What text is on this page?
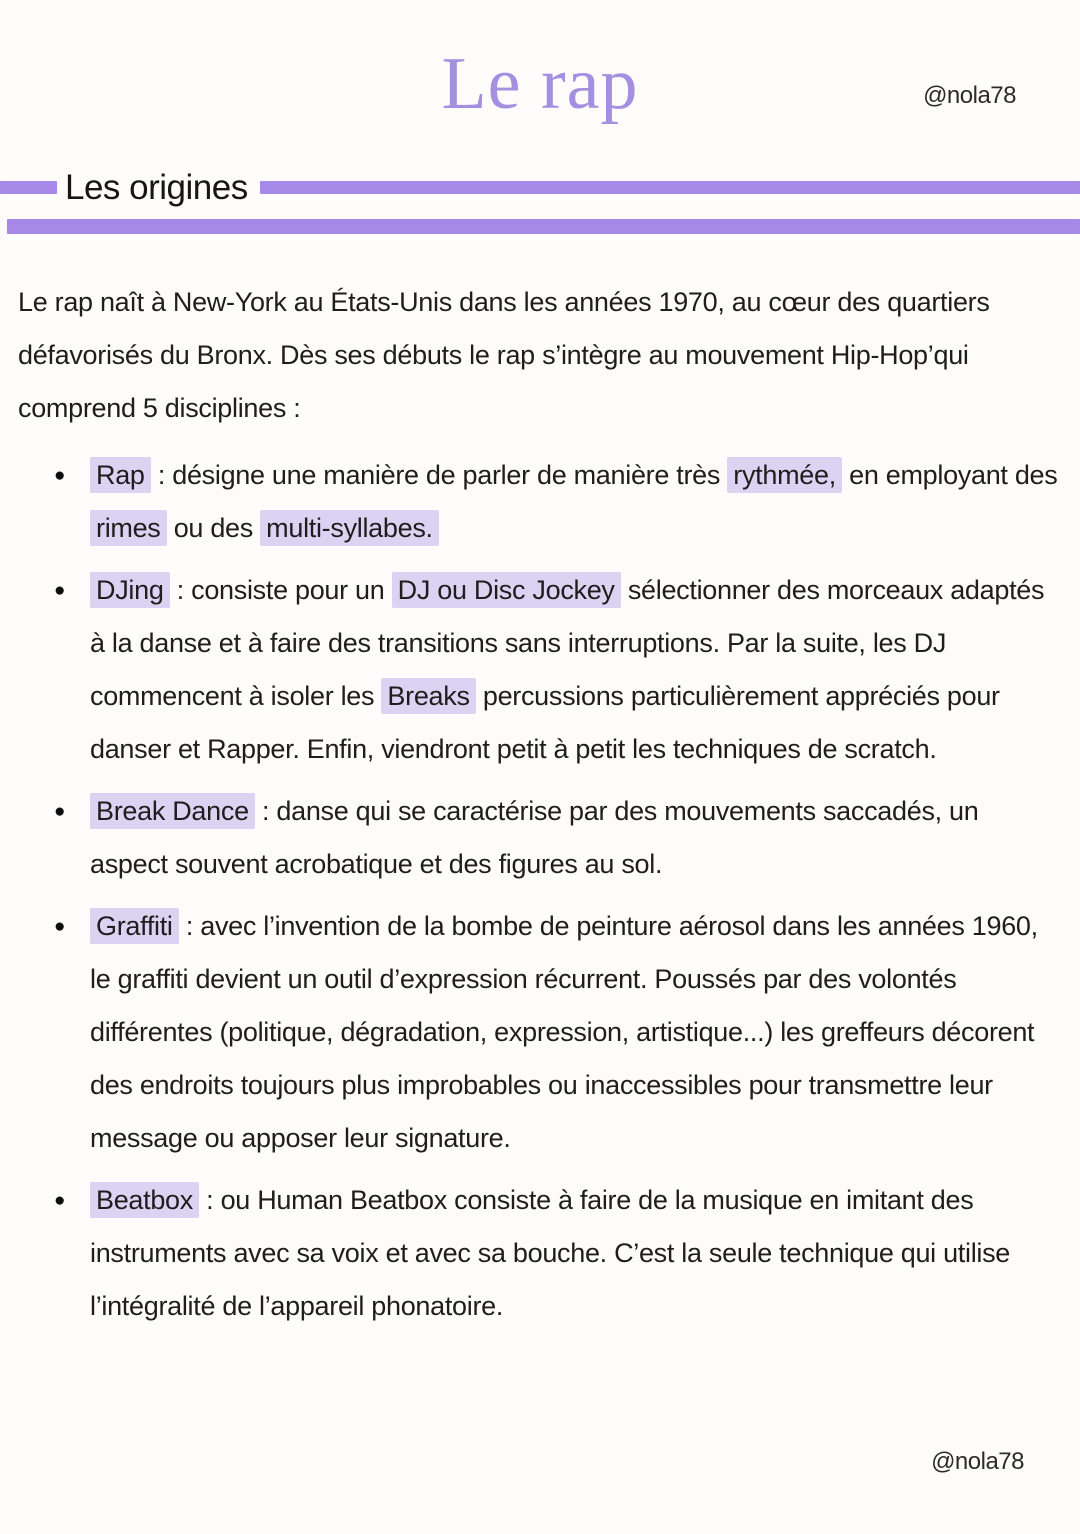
Le rap	@nola78
Les origines

Le rap naît à New-York au États-Unis dans les années 1970, au cœur des quartiers défavorisés du Bronx. Dès ses débuts le rap s’intègre au mouvement Hip-Hop’qui comprend 5 disciplines :

● Rap : désigne une manière de parler de manière très rythmée, en employant des rimes ou des multi-syllabes.
● DJing : consiste pour un DJ ou Disc Jockey sélectionner des morceaux adaptés à la danse et à faire des transitions sans interruptions. Par la suite, les DJ commencent à isoler les Breaks percussions particulièrement appréciés pour danser et Rapper. Enfin, viendront petit à petit les techniques de scratch.
● Break Dance : danse qui se caractérise par des mouvements saccadés, un aspect souvent acrobatique et des figures au sol.
● Graffiti : avec l’invention de la bombe de peinture aérosol dans les années 1960, le graffiti devient un outil d’expression récurrent. Poussés par des volontés différentes (politique, dégradation, expression, artistique...) les greffeurs décorent des endroits toujours plus improbables ou inaccessibles pour transmettre leur message ou apposer leur signature.
● Beatbox : ou Human Beatbox consiste à faire de la musique en imitant des instruments avec sa voix et avec sa bouche. C’est la seule technique qui utilise l’intégralité de l’appareil phonatoire.
@nola78
